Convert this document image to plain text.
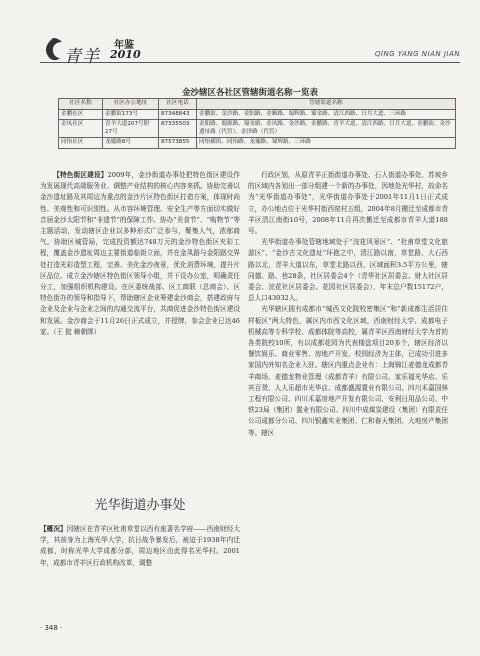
青羊
年鉴
2010	QING YANG NIAN JIAN
金沙辖区各社区管辖街道名称一览表
社区名称	社区办公地址	社区电话	管辖街道名称
金鹏社区	金鹏街173号	87348843	金鹏街、金沙路、金阳路、金顺路、蜀辉路、蜀金路、清江西路、日月大道、三环路
金凤社区	青羊大道207号附27号	87335503	金阳路、蜀源路、蜀金路、金凤路、金沙路、金鹏路、青羊大道、清江西路、日月大道、金鹏街、金沙遗址路（代管）、金泽路（代管）
同怡社区	龙瓏路8号	87573855	同怡横街、同怡路、龙瓏路、蜀辉路、三环路

【特色街区建设】2009年，金沙街道办事处把特色街区建设作为发展现代高端服务业、调整产业结构的核心内容来抓。协助完善以金沙遗址路及其周边为重点的金沙片区特色街区打造方案，体现时尚性、美观性和可识别性。从市容环境管理、安全生产等方面切实做好音届金沙太阳节和“非遗节”的保障工作。协办“美食节”、“购物节”等主题活动，发动辖区企业以多种形式广泛参与，聚集人气，浓郁商气。协助区城管局，完成投资额达748万元的金沙特色街区夹彩工程，覆盖金沙遗址周边主要街道临街立面，并在金凤路与金阳路交界处打造光彩造型工程，完善、美化金沙夜景，优化消费环境，提升片区品位。成立金沙辖区特色街区领导小组，并下设办公室，明确责任分工，加强组织机构建设。在区委统战部、区工商联（总商会）、区特色街办的领导和指导下，帮助辖区企业筹建金沙商会，搭建政府与企业及企业与企业之间的沟通交流平台，共商促进金沙特色街区建设和发展。金沙商会于11月26日正式成立，并授牌，参会企业已达46家。（王 挺 赖朝绑）

光华街道办事处

【概况】因辖区在青羊区杜甫草堂以西有座著名学府——西南财经大学，其前身为上海光华大学，抗日战争暴发后，被迫于1938年内迁成都，时称光华大学成都分部，周边地区由此得名光华村。2001年，成都市青羊区行政机构改革，调整

行政区划，从原青羊正街街道办事处、石人街道办事处、苏坡乡的区域内各划出一部分组建一个新的办事处，因地处光华村，故命名为“光华街道办事处”，光华街道办事处于2001年11月1日正式成立，办公地点位于光华村街西窑村五组，2004年8月搬迁至成都市青羊区清江南街10号，2008年11月再次搬迁至成都市青羊大道188号。

光华街道办事处管辖地域处于“浣花风景区”、“杜甫草堂文化旅游区”、“金沙古文化遗址”环抱之中，清江路以南，草堂路、大石西路以北，青羊大道以东，草堂北路以西，区域面积3.5平方公里，辖同德、路、巷28条，社区居委会4个（青华社区居委会、财大社区居委会、浣花社区居委会、花园社区居委会），年末总户数15172户，总人口43032人。

光华辖区拥有成都市“城西文化院校密集区”和“新成都生活居住样板区”两大特色，属区内市西文化区域，西南财经大学、成都电子机械高等专科学校、成都体院等高校，属青羊区西南财经大学为首的各类院校10所，有以成都花园为代表楼盘项目20多个，辖区经济以餐饮娱乐、商业零售、房地产开发、校园经济为主体，已成功引进多家国内外知名企业入驻。辖区内重点企业有：上海锦江麦德龙成都青羊商场、麦德龙物业管理（成都青羊）有限公司、家乐福光华店、乐宾百货、人人乐超市光华店、成都盛源置业有限公司、四川禾嘉国林工程有限公司、四川禾嘉房地产开发有限公司、安利日用品公司、中铁23局（集团）置业有限公司、四川中成煤炭建设（集团）有限责任公司成都分公司、四川银鑫实业集团、仁和春天集团、大地房产集团等。辖区

· 348 ·
